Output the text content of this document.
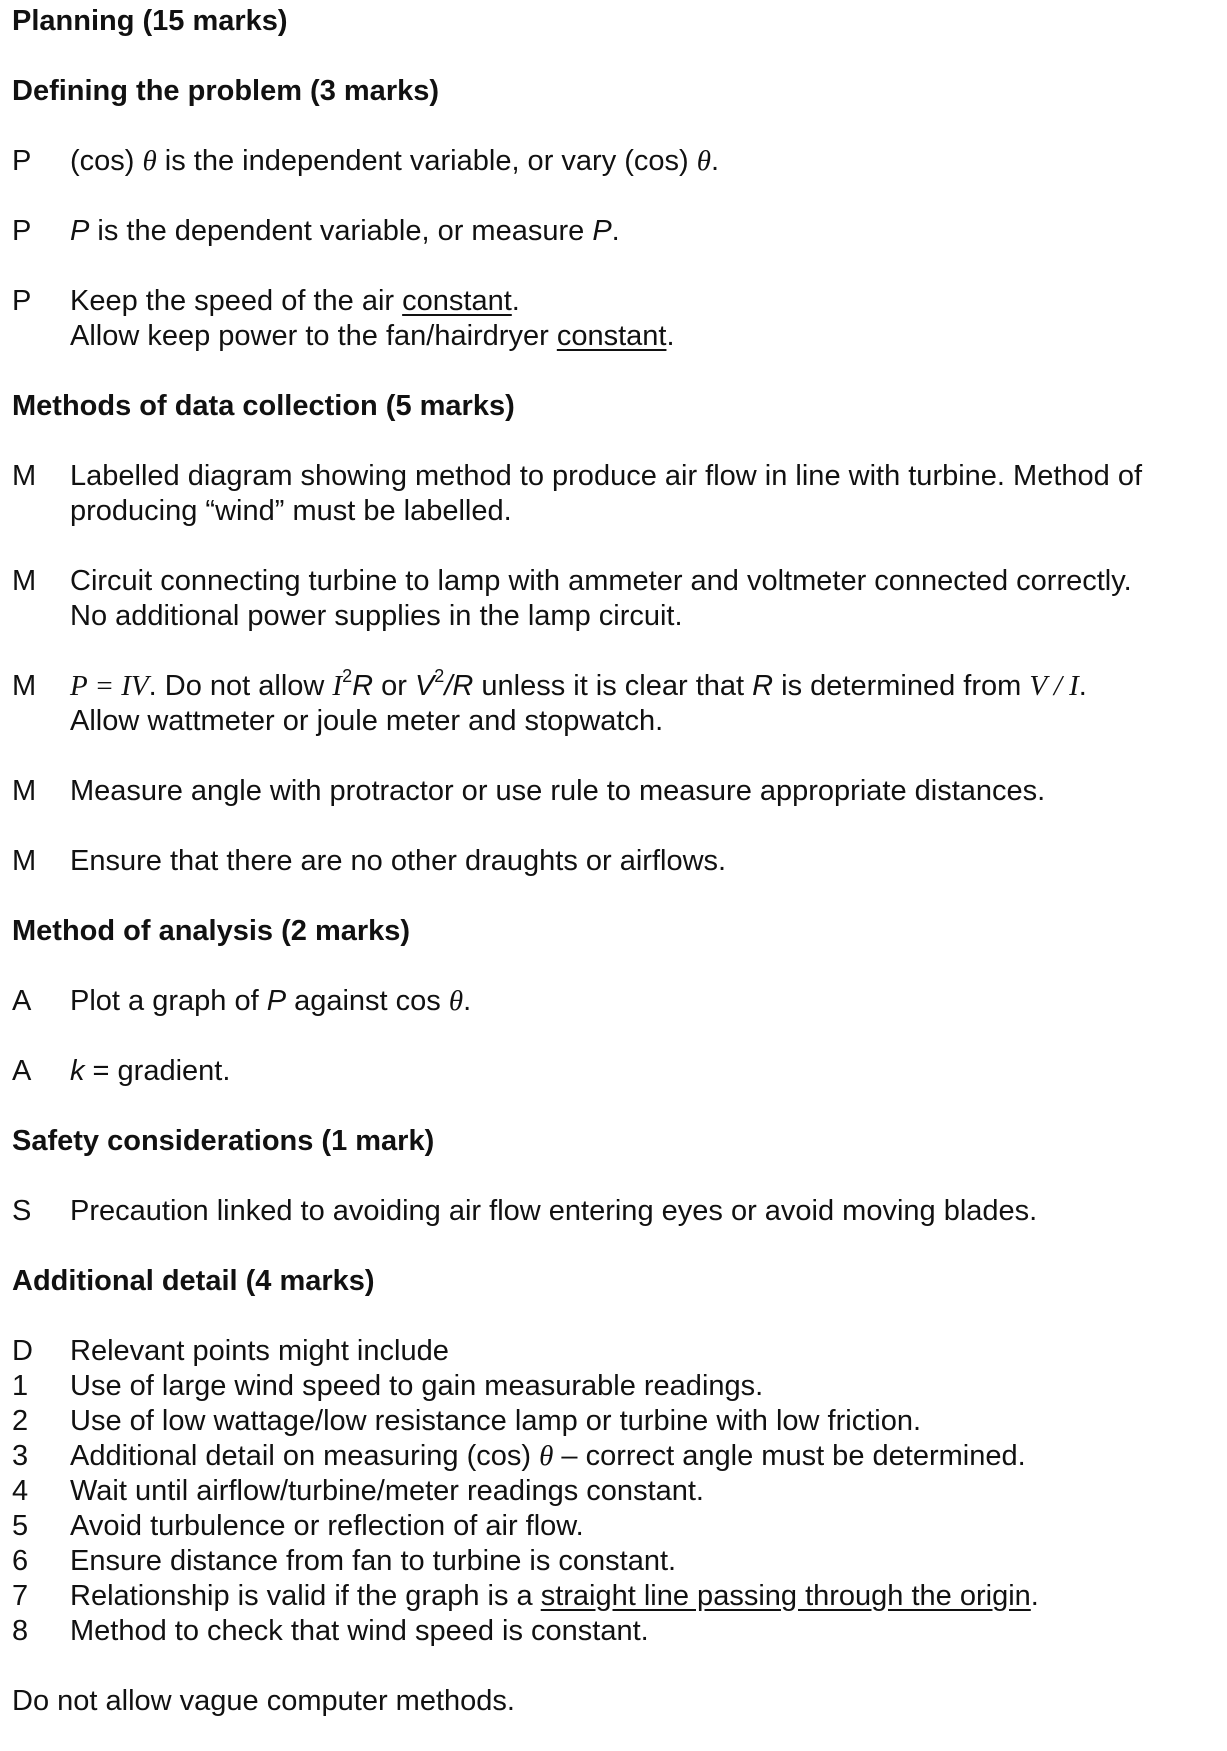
Planning (15 marks)
Defining the problem (3 marks)
P	(cos) θ is the independent variable, or vary (cos) θ.
P	P is the dependent variable, or measure P.
P	Keep the speed of the air constant.
Allow keep power to the fan/hairdryer constant.
Methods of data collection (5 marks)
M	Labelled diagram showing method to produce air flow in line with turbine. Method of
producing “wind” must be labelled.
M	Circuit connecting turbine to lamp with ammeter and voltmeter connected correctly.
No additional power supplies in the lamp circuit.
M	P = IV. Do not allow $I^2R$ or $V^2/R$ unless it is clear that R is determined from V / I.
Allow wattmeter or joule meter and stopwatch.
M	Measure angle with protractor or use rule to measure appropriate distances.
M	Ensure that there are no other draughts or airflows.
Method of analysis (2 marks)
A	Plot a graph of P against cos θ.
A	k = gradient.
Safety considerations (1 mark)
S	Precaution linked to avoiding air flow entering eyes or avoid moving blades.
Additional detail (4 marks)
D	Relevant points might include
1	Use of large wind speed to gain measurable readings.
2	Use of low wattage/low resistance lamp or turbine with low friction.
3	Additional detail on measuring (cos) θ – correct angle must be determined.
4	Wait until airflow/turbine/meter readings constant.
5	Avoid turbulence or reflection of air flow.
6	Ensure distance from fan to turbine is constant.
7	Relationship is valid if the graph is a straight line passing through the origin.
8	Method to check that wind speed is constant.
Do not allow vague computer methods.
